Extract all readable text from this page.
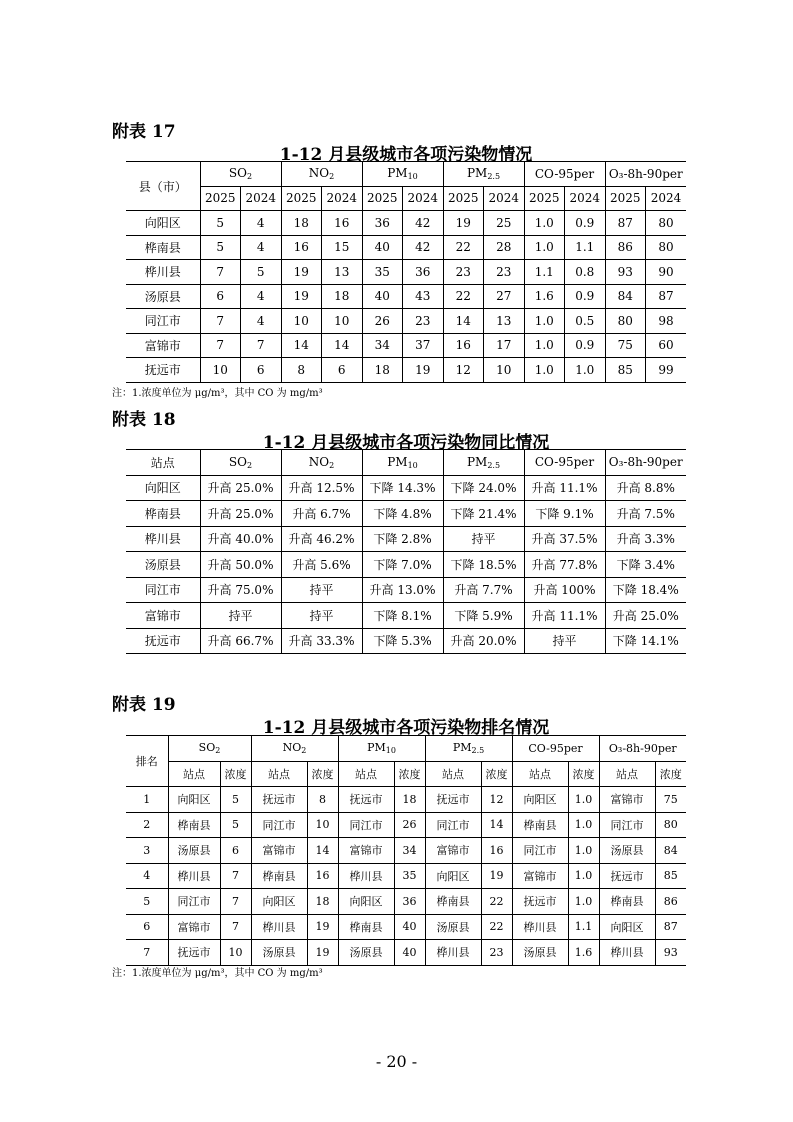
附表 17
1-12 月县级城市各项污染物情况
县（市）	$SO_2$		$NO_2$		$PM_{10}$		$PM_{2.5}$		CO-95per		O₃-8h-90per	
	2025	2024	2025	2024	2025	2024	2025	2024	2025	2024	2025	2024
向阳区	5	4	18	16	36	42	19	25	1.0	0.9	87	80
桦南县	5	4	16	15	40	42	22	28	1.0	1.1	86	80
桦川县	7	5	19	13	35	36	23	23	1.1	0.8	93	90
汤原县	6	4	19	18	40	43	22	27	1.6	0.9	84	87
同江市	7	4	10	10	26	23	14	13	1.0	0.5	80	98
富锦市	7	7	14	14	34	37	16	17	1.0	0.9	75	60
抚远市	10	6	8	6	18	19	12	10	1.0	1.0	85	99
注：1.浓度单位为 μg/m³，其中 CO 为 mg/m³
附表 18
1-12 月县级城市各项污染物同比情况
站点	$SO_2$	$NO_2$	$PM_{10}$	$PM_{2.5}$	CO-95per	O₃-8h-90per
向阳区	升高 25.0%	升高 12.5%	下降 14.3%	下降 24.0%	升高 11.1%	升高 8.8%
桦南县	升高 25.0%	升高 6.7%	下降 4.8%	下降 21.4%	下降 9.1%	升高 7.5%
桦川县	升高 40.0%	升高 46.2%	下降 2.8%	持平	升高 37.5%	升高 3.3%
汤原县	升高 50.0%	升高 5.6%	下降 7.0%	下降 18.5%	升高 77.8%	下降 3.4%
同江市	升高 75.0%	持平	升高 13.0%	升高 7.7%	升高 100%	下降 18.4%
富锦市	持平	持平	下降 8.1%	下降 5.9%	升高 11.1%	升高 25.0%
抚远市	升高 66.7%	升高 33.3%	下降 5.3%	升高 20.0%	持平	下降 14.1%
附表 19
1-12 月县级城市各项污染物排名情况
排名	$SO_2$		$NO_2$		$PM_{10}$		$PM_{2.5}$		CO-95per		O₃-8h-90per	
	站点	浓度	站点	浓度	站点	浓度	站点	浓度	站点	浓度	站点	浓度
1	向阳区	5	抚远市	8	抚远市	18	抚远市	12	向阳区	1.0	富锦市	75
2	桦南县	5	同江市	10	同江市	26	同江市	14	桦南县	1.0	同江市	80
3	汤原县	6	富锦市	14	富锦市	34	富锦市	16	同江市	1.0	汤原县	84
4	桦川县	7	桦南县	16	桦川县	35	向阳区	19	富锦市	1.0	抚远市	85
5	同江市	7	向阳区	18	向阳区	36	桦南县	22	抚远市	1.0	桦南县	86
6	富锦市	7	桦川县	19	桦南县	40	汤原县	22	桦川县	1.1	向阳区	87
7	抚远市	10	汤原县	19	汤原县	40	桦川县	23	汤原县	1.6	桦川县	93
注：1.浓度单位为 μg/m³，其中 CO 为 mg/m³
- 20 -
